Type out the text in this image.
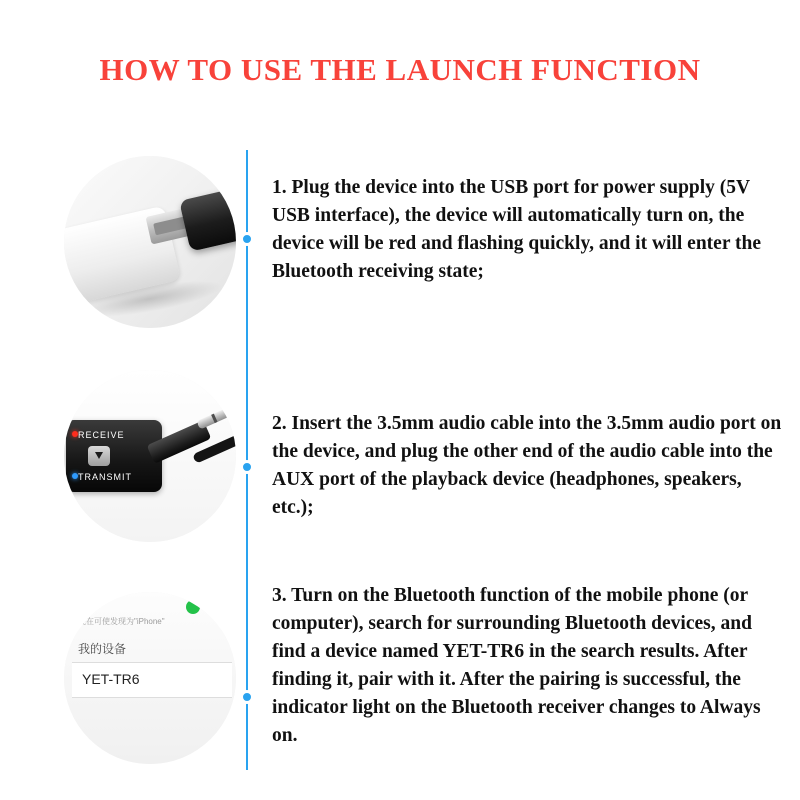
HOW TO USE THE LAUNCH FUNCTION
1. Plug the device into the USB port for power supply (5V USB interface), the device will automatically turn on, the device will be red and flashing quickly, and it will enter the Bluetooth receiving state;
RECEIVE
TRANSMIT
2. Insert the 3.5mm audio cable into the 3.5mm audio port on the device, and plug the other end of the audio cable into the AUX port of the playback device (headphones, speakers, etc.);
现在可使发现为"iPhone"
我的设备
YET-TR6
3. Turn on the Bluetooth function of the mobile phone (or computer), search for surrounding Bluetooth devices, and find a device named YET-TR6 in the search results. After finding it, pair with it. After the pairing is successful, the indicator light on the Bluetooth receiver changes to Always on.
